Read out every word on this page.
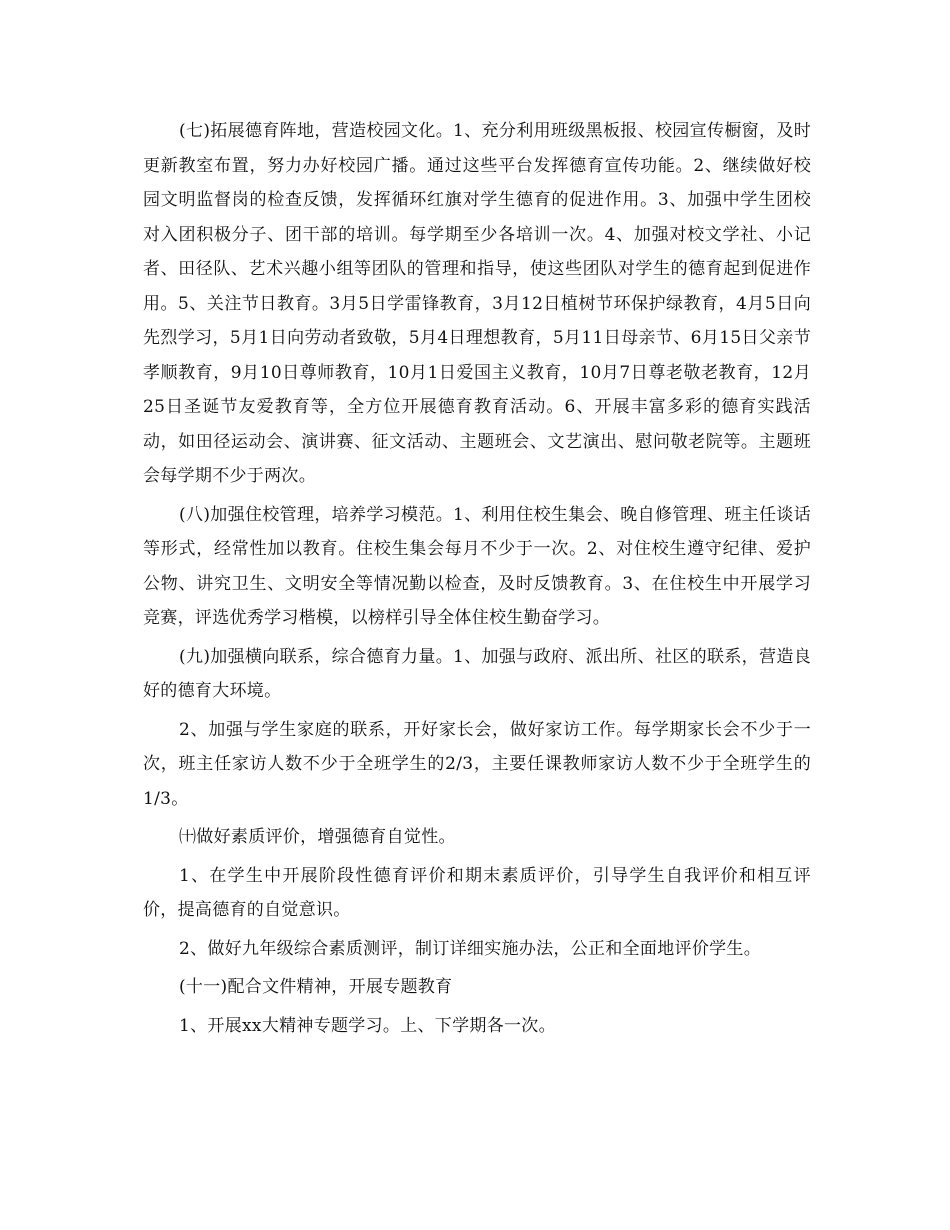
(七)拓展德育阵地，营造校园文化。1、充分利用班级黑板报、校园宣传橱窗，及时更新教室布置，努力办好校园广播。通过这些平台发挥德育宣传功能。2、继续做好校园文明监督岗的检查反馈，发挥循环红旗对学生德育的促进作用。3、加强中学生团校对入团积极分子、团干部的培训。每学期至少各培训一次。4、加强对校文学社、小记者、田径队、艺术兴趣小组等团队的管理和指导，使这些团队对学生的德育起到促进作用。5、关注节日教育。3月5日学雷锋教育，3月12日植树节环保护绿教育，4月5日向先烈学习，5月1日向劳动者致敬，5月4日理想教育，5月11日母亲节、6月15日父亲节孝顺教育，9月10日尊师教育，10月1日爱国主义教育，10月7日尊老敬老教育，12月25日圣诞节友爱教育等，全方位开展德育教育活动。6、开展丰富多彩的德育实践活动，如田径运动会、演讲赛、征文活动、主题班会、文艺演出、慰问敬老院等。主题班会每学期不少于两次。

(八)加强住校管理，培养学习模范。1、利用住校生集会、晚自修管理、班主任谈话等形式，经常性加以教育。住校生集会每月不少于一次。2、对住校生遵守纪律、爱护公物、讲究卫生、文明安全等情况勤以检查，及时反馈教育。3、在住校生中开展学习竞赛，评选优秀学习楷模，以榜样引导全体住校生勤奋学习。

(九)加强横向联系，综合德育力量。1、加强与政府、派出所、社区的联系，营造良好的德育大环境。

2、加强与学生家庭的联系，开好家长会，做好家访工作。每学期家长会不少于一次，班主任家访人数不少于全班学生的2/3，主要任课教师家访人数不少于全班学生的1/3。

㈩做好素质评价，增强德育自觉性。

1、在学生中开展阶段性德育评价和期末素质评价，引导学生自我评价和相互评价，提高德育的自觉意识。

2、做好九年级综合素质测评，制订详细实施办法，公正和全面地评价学生。

(十一)配合文件精神，开展专题教育

1、开展xx大精神专题学习。上、下学期各一次。
